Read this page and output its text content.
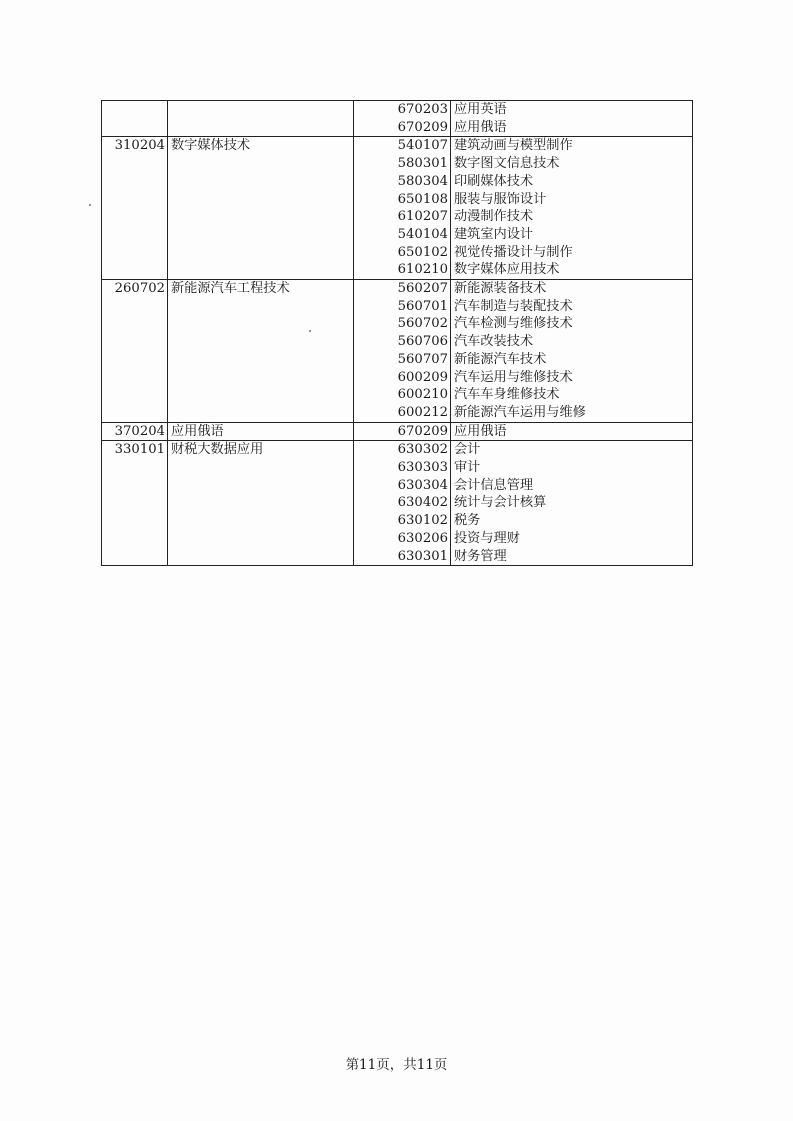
		670203	应用英语
		670209	应用俄语
310204	数字媒体技术	540107	建筑动画与模型制作
		580301	数字图文信息技术
		580304	印刷媒体技术
		650108	服装与服饰设计
		610207	动漫制作技术
		540104	建筑室内设计
		650102	视觉传播设计与制作
		610210	数字媒体应用技术
260702	新能源汽车工程技术	560207	新能源装备技术
		560701	汽车制造与装配技术
		560702	汽车检测与维修技术
		560706	汽车改装技术
		560707	新能源汽车技术
		600209	汽车运用与维修技术
		600210	汽车车身维修技术
		600212	新能源汽车运用与维修
370204	应用俄语	670209	应用俄语
330101	财税大数据应用	630302	会计
		630303	审计
		630304	会计信息管理
		630402	统计与会计核算
		630102	税务
		630206	投资与理财
		630301	财务管理
第11页，共11页
